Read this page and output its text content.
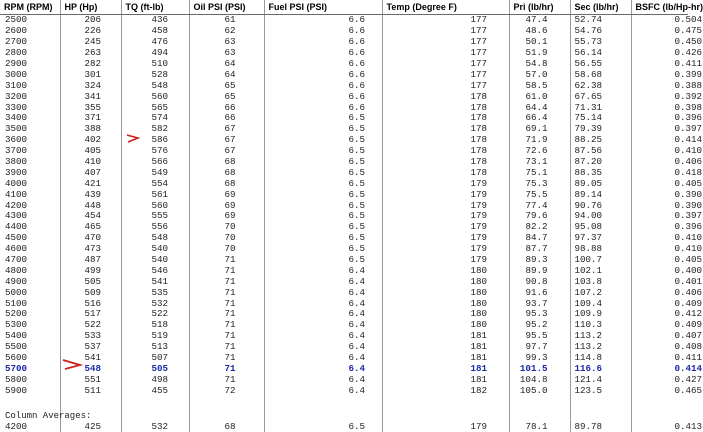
RPM (RPM)	HP (Hp)	TQ (ft-lb)	Oil PSI (PSI)	Fuel PSI (PSI)	Temp (Degree F)	Pri (lb/hr)	Sec (lb/hr)	BSFC (lb/Hp-hr)
2500	206	436	61	6.6	177	47.4	52.74	0.504
2600	226	458	62	6.6	177	48.6	54.76	0.475
2700	245	476	63	6.6	177	50.1	55.73	0.450
2800	263	494	63	6.6	177	51.9	56.14	0.426
2900	282	510	64	6.6	177	54.8	56.55	0.411
3000	301	528	64	6.6	177	57.0	58.68	0.399
3100	324	548	65	6.6	177	58.5	62.38	0.388
3200	341	560	65	6.6	178	61.0	67.65	0.392
3300	355	565	66	6.6	178	64.4	71.31	0.398
3400	371	574	66	6.5	178	66.4	75.14	0.396
3500	388	582	67	6.5	178	69.1	79.39	0.397
3600	402	586	67	6.5	178	71.9	88.25	0.414
3700	405	576	67	6.5	178	72.6	87.56	0.410
3800	410	566	68	6.5	178	73.1	87.20	0.406
3900	407	549	68	6.5	178	75.1	88.35	0.418
4000	421	554	68	6.5	179	75.3	89.05	0.405
4100	439	561	69	6.5	179	75.5	89.14	0.390
4200	448	560	69	6.5	179	77.4	90.76	0.390
4300	454	555	69	6.5	179	79.6	94.00	0.397
4400	465	556	70	6.5	179	82.2	95.08	0.396
4500	470	548	70	6.5	179	84.7	97.37	0.410
4600	473	540	70	6.5	179	87.7	98.88	0.410
4700	487	540	71	6.5	179	89.3	100.7	0.405
4800	499	546	71	6.4	180	89.9	102.1	0.400
4900	505	541	71	6.4	180	90.8	103.8	0.401
5000	509	535	71	6.4	180	91.6	107.2	0.406
5100	516	532	71	6.4	180	93.7	109.4	0.409
5200	517	522	71	6.4	180	95.3	109.9	0.412
5300	522	518	71	6.4	180	95.2	110.3	0.409
5400	533	519	71	6.4	181	95.5	113.2	0.407
5500	537	513	71	6.4	181	97.7	113.2	0.408
5600	541	507	71	6.4	181	99.3	114.8	0.411
5700	548	505	71	6.4	181	101.5	116.6	0.414
5800	551	498	71	6.4	181	104.8	121.4	0.427
5900	511	455	72	6.4	182	105.0	123.5	0.465

Column Averages:								

4200	425	532	68	6.5	179	78.1	89.78	0.413
